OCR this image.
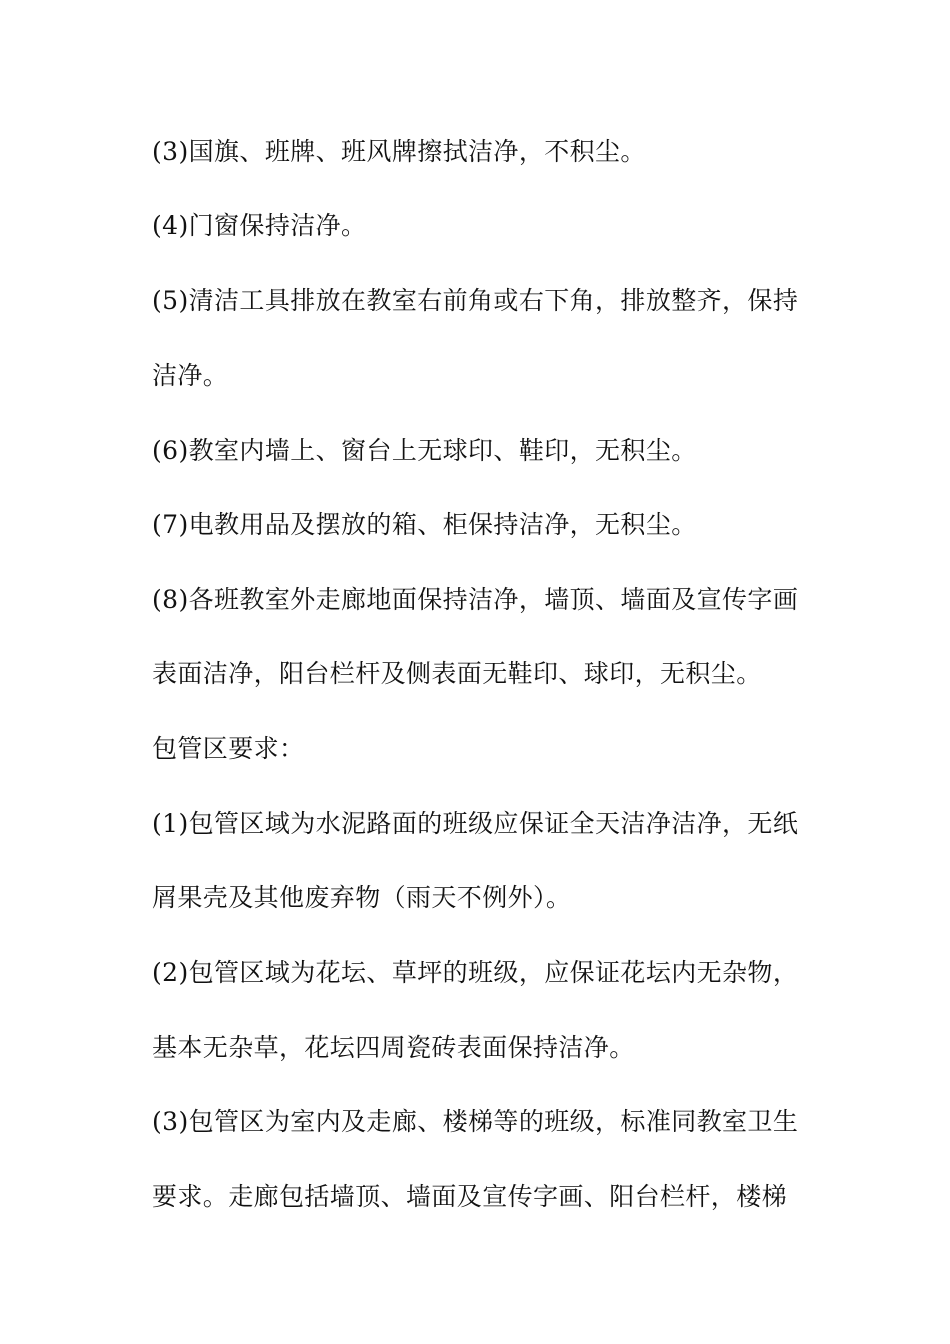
(3)国旗、班牌、班风牌擦拭洁净，不积尘。
(4)门窗保持洁净。
(5)清洁工具排放在教室右前角或右下角，排放整齐，保持
洁净。
(6)教室内墙上、窗台上无球印、鞋印，无积尘。
(7)电教用品及摆放的箱、柜保持洁净，无积尘。
(8)各班教室外走廊地面保持洁净，墙顶、墙面及宣传字画
表面洁净，阳台栏杆及侧表面无鞋印、球印，无积尘。
包管区要求：
(1)包管区域为水泥路面的班级应保证全天洁净洁净，无纸
屑果壳及其他废弃物（雨天不例外）。
(2)包管区域为花坛、草坪的班级，应保证花坛内无杂物，
基本无杂草，花坛四周瓷砖表面保持洁净。
(3)包管区为室内及走廊、楼梯等的班级，标准同教室卫生
要求。走廊包括墙顶、墙面及宣传字画、阳台栏杆，楼梯
